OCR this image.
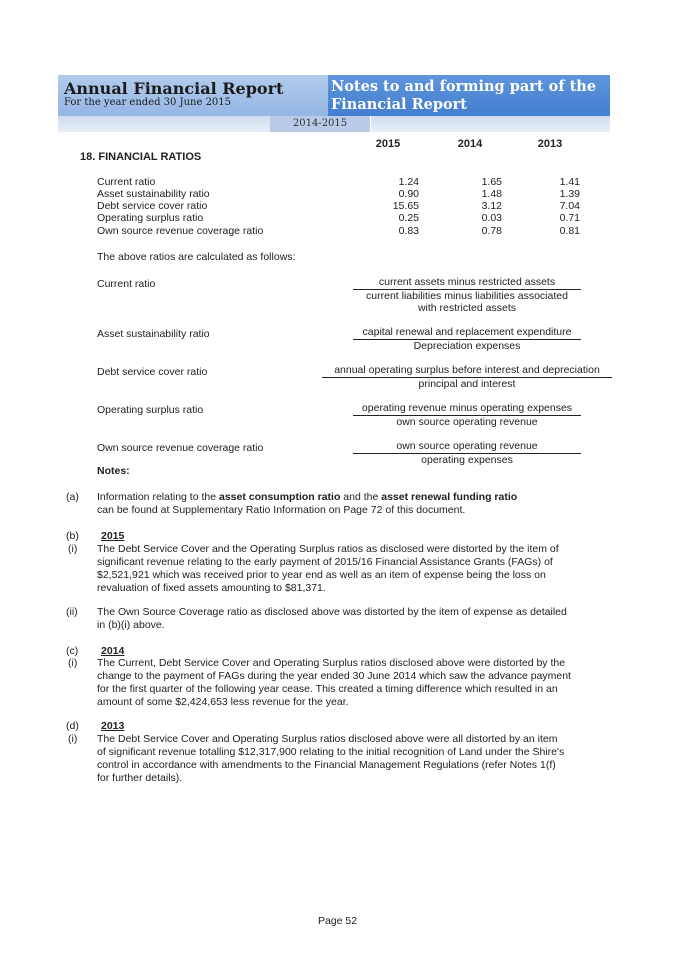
Annual Financial Report
For the year ended 30 June 2015
Notes to and forming part of the Financial Report
2014-2015
2015	2014	2013
18. FINANCIAL RATIOS
Current ratio	1.24	1.65	1.41
Asset sustainability ratio	0.90	1.48	1.39
Debt service cover ratio	15.65	3.12	7.04
Operating surplus ratio	0.25	0.03	0.71
Own source revenue coverage ratio	0.83	0.78	0.81
The above ratios are calculated as follows:
Current ratio	current assets minus restricted assets
current liabilities minus liabilities associated
with restricted assets
Asset sustainability ratio	capital renewal and replacement expenditure
Depreciation expenses
Debt service cover ratio	annual operating surplus before interest and depreciation
principal and interest
Operating surplus ratio	operating revenue minus operating expenses
own source operating revenue
Own source revenue coverage ratio	own source operating revenue
operating expenses
Notes:
(a) Information relating to the asset consumption ratio and the asset renewal funding ratio
can be found at Supplementary Ratio Information on Page 72 of this document.
(b) 2015
(i) The Debt Service Cover and the Operating Surplus ratios as disclosed were distorted by the item of
significant revenue relating to the early payment of 2015/16 Financial Assistance Grants (FAGs) of
$2,521,921 which was received prior to year end as well as an item of expense being the loss on
revaluation of fixed assets amounting to $81,371.
(ii) The Own Source Coverage ratio as disclosed above was distorted by the item of expense as detailed
in (b)(i) above.
(c) 2014
(i) The Current, Debt Service Cover and Operating Surplus ratios disclosed above were distorted by the
change to the payment of FAGs during the year ended 30 June 2014 which saw the advance payment
for the first quarter of the following year cease. This created a timing difference which resulted in an
amount of some $2,424,653 less revenue for the year.
(d) 2013
(i) The Debt Service Cover and Operating Surplus ratios disclosed above were all distorted by an item
of significant revenue totalling $12,317,900 relating to the initial recognition of Land under the Shire's
control in accordance with amendments to the Financial Management Regulations (refer Notes 1(f)
for further details).
Page 52
